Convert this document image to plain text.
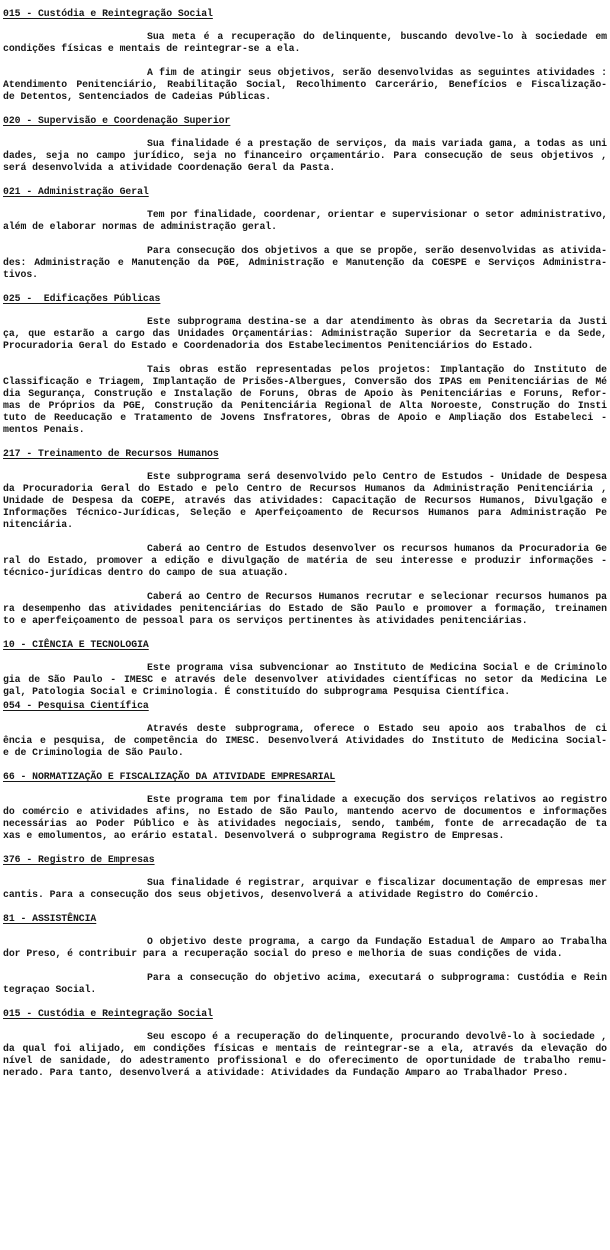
015 - Custódia e Reintegração Social
Sua meta é a recuperação do delinquente, buscando devolve-lo à sociedade em
condições físicas e mentais de reintegrar-se a ela.
A fim de atingir seus objetivos, serão desenvolvidas as seguintes atividades :
Atendimento Penitenciário, Reabilitação Social, Recolhimento Carcerário, Benefícios e Fiscalização-
de Detentos, Sentenciados de Cadeias Públicas.
020 - Supervisão e Coordenação Superior
Sua finalidade é a prestação de serviços, da mais variada gama, a todas as uni
dades, seja no campo jurídico, seja no financeiro orçamentário. Para consecução de seus objetivos ,
será desenvolvida a atividade Coordenação Geral da Pasta.
021 - Administração Geral
Tem por finalidade, coordenar, orientar e supervisionar o setor administrativo,
além de elaborar normas de administração geral.
Para consecução dos objetivos a que se propõe, serão desenvolvidas as ativida-
des: Administração e Manutenção da PGE, Administração e Manutenção da COESPE e Serviços Administra-
tivos.
025 -  Edificações Públicas
Este subprograma destina-se a dar atendimento às obras da Secretaria da Justi
ça, que estarão a cargo das Unidades Orçamentárias: Administração Superior da Secretaria e da Sede,
Procuradoria Geral do Estado e Coordenadoria dos Estabelecimentos Penitenciários do Estado.
Tais obras estão representadas pelos projetos: Implantação do Instituto de
Classificação e Triagem, Implantação de Prisões-Albergues, Conversão dos IPAS em Penitenciárias de Mé
dia Segurança, Construção e Instalação de Foruns, Obras de Apoio às Penitenciárias e Foruns, Refor-
mas de Próprios da PGE, Construção da Penitenciária Regional de Alta Noroeste, Construção do Insti
tuto de Reeducação e Tratamento de Jovens Insfratores, Obras de Apoio e Ampliação dos Estabeleci -
mentos Penais.
217 - Treinamento de Recursos Humanos
Este subprograma será desenvolvido pelo Centro de Estudos - Unidade de Despesa
da Procuradoria Geral do Estado e pelo Centro de Recursos Humanos da Administração Penitenciária ,
Unidade de Despesa da COEPE, através das atividades: Capacitação de Recursos Humanos, Divulgação e
Informações Técnico-Jurídicas, Seleção e Aperfeiçoamento de Recursos Humanos para Administração Pe
nitenciária.
Caberá ao Centro de Estudos desenvolver os recursos humanos da Procuradoria Ge
ral do Estado, promover a edição e divulgação de matéria de seu interesse e produzir informações -
técnico-jurídicas dentro do campo de sua atuação.
Caberá ao Centro de Recursos Humanos recrutar e selecionar recursos humanos pa
ra desempenho das atividades penitenciárias do Estado de São Paulo e promover a formação, treinamen
to e aperfeiçoamento de pessoal para os serviços pertinentes às atividades penitenciárias.
10 - CIÊNCIA E TECNOLOGIA
Este programa visa subvencionar ao Instituto de Medicina Social e de Criminolo
gia de São Paulo - IMESC e através dele desenvolver atividades científicas no setor da Medicina Le
gal, Patologia Social e Criminologia. É constituído do subprograma Pesquisa Científica.
054 - Pesquisa Científica
Através deste subprograma, oferece o Estado seu apoio aos trabalhos de ci
ência e pesquisa, de competência do IMESC. Desenvolverá Atividades do Instituto de Medicina Social-
e de Criminologia de São Paulo.
66 - NORMATIZAÇÃO E FISCALIZAÇÃO DA ATIVIDADE EMPRESARIAL
Este programa tem por finalidade a execução dos serviços relativos ao registro
do comércio e atividades afins, no Estado de São Paulo, mantendo acervo de documentos e informações
necessárias ao Poder Público e às atividades negociais, sendo, também, fonte de arrecadação de ta
xas e emolumentos, ao erário estatal. Desenvolverá o subprograma Registro de Empresas.
376 - Registro de Empresas
Sua finalidade é registrar, arquivar e fiscalizar documentação de empresas mer
cantis. Para a consecução dos seus objetivos, desenvolverá a atividade Registro do Comércio.
81 - ASSISTÊNCIA
O objetivo deste programa, a cargo da Fundação Estadual de Amparo ao Trabalha
dor Preso, é contribuir para a recuperação social do preso e melhoria de suas condições de vida.
Para a consecução do objetivo acima, executará o subprograma: Custódia e Rein
tegraçao Social.
015 - Custódia e Reintegração Social
Seu escopo é a recuperação do delinquente, procurando devolvê-lo à sociedade ,
da qual foi alijado, em condições físicas e mentais de reintegrar-se a ela, através da elevação do
nível de sanidade, do adestramento profissional e do oferecimento de oportunidade de trabalho remu-
nerado. Para tanto, desenvolverá a atividade: Atividades da Fundação Amparo ao Trabalhador Preso.
